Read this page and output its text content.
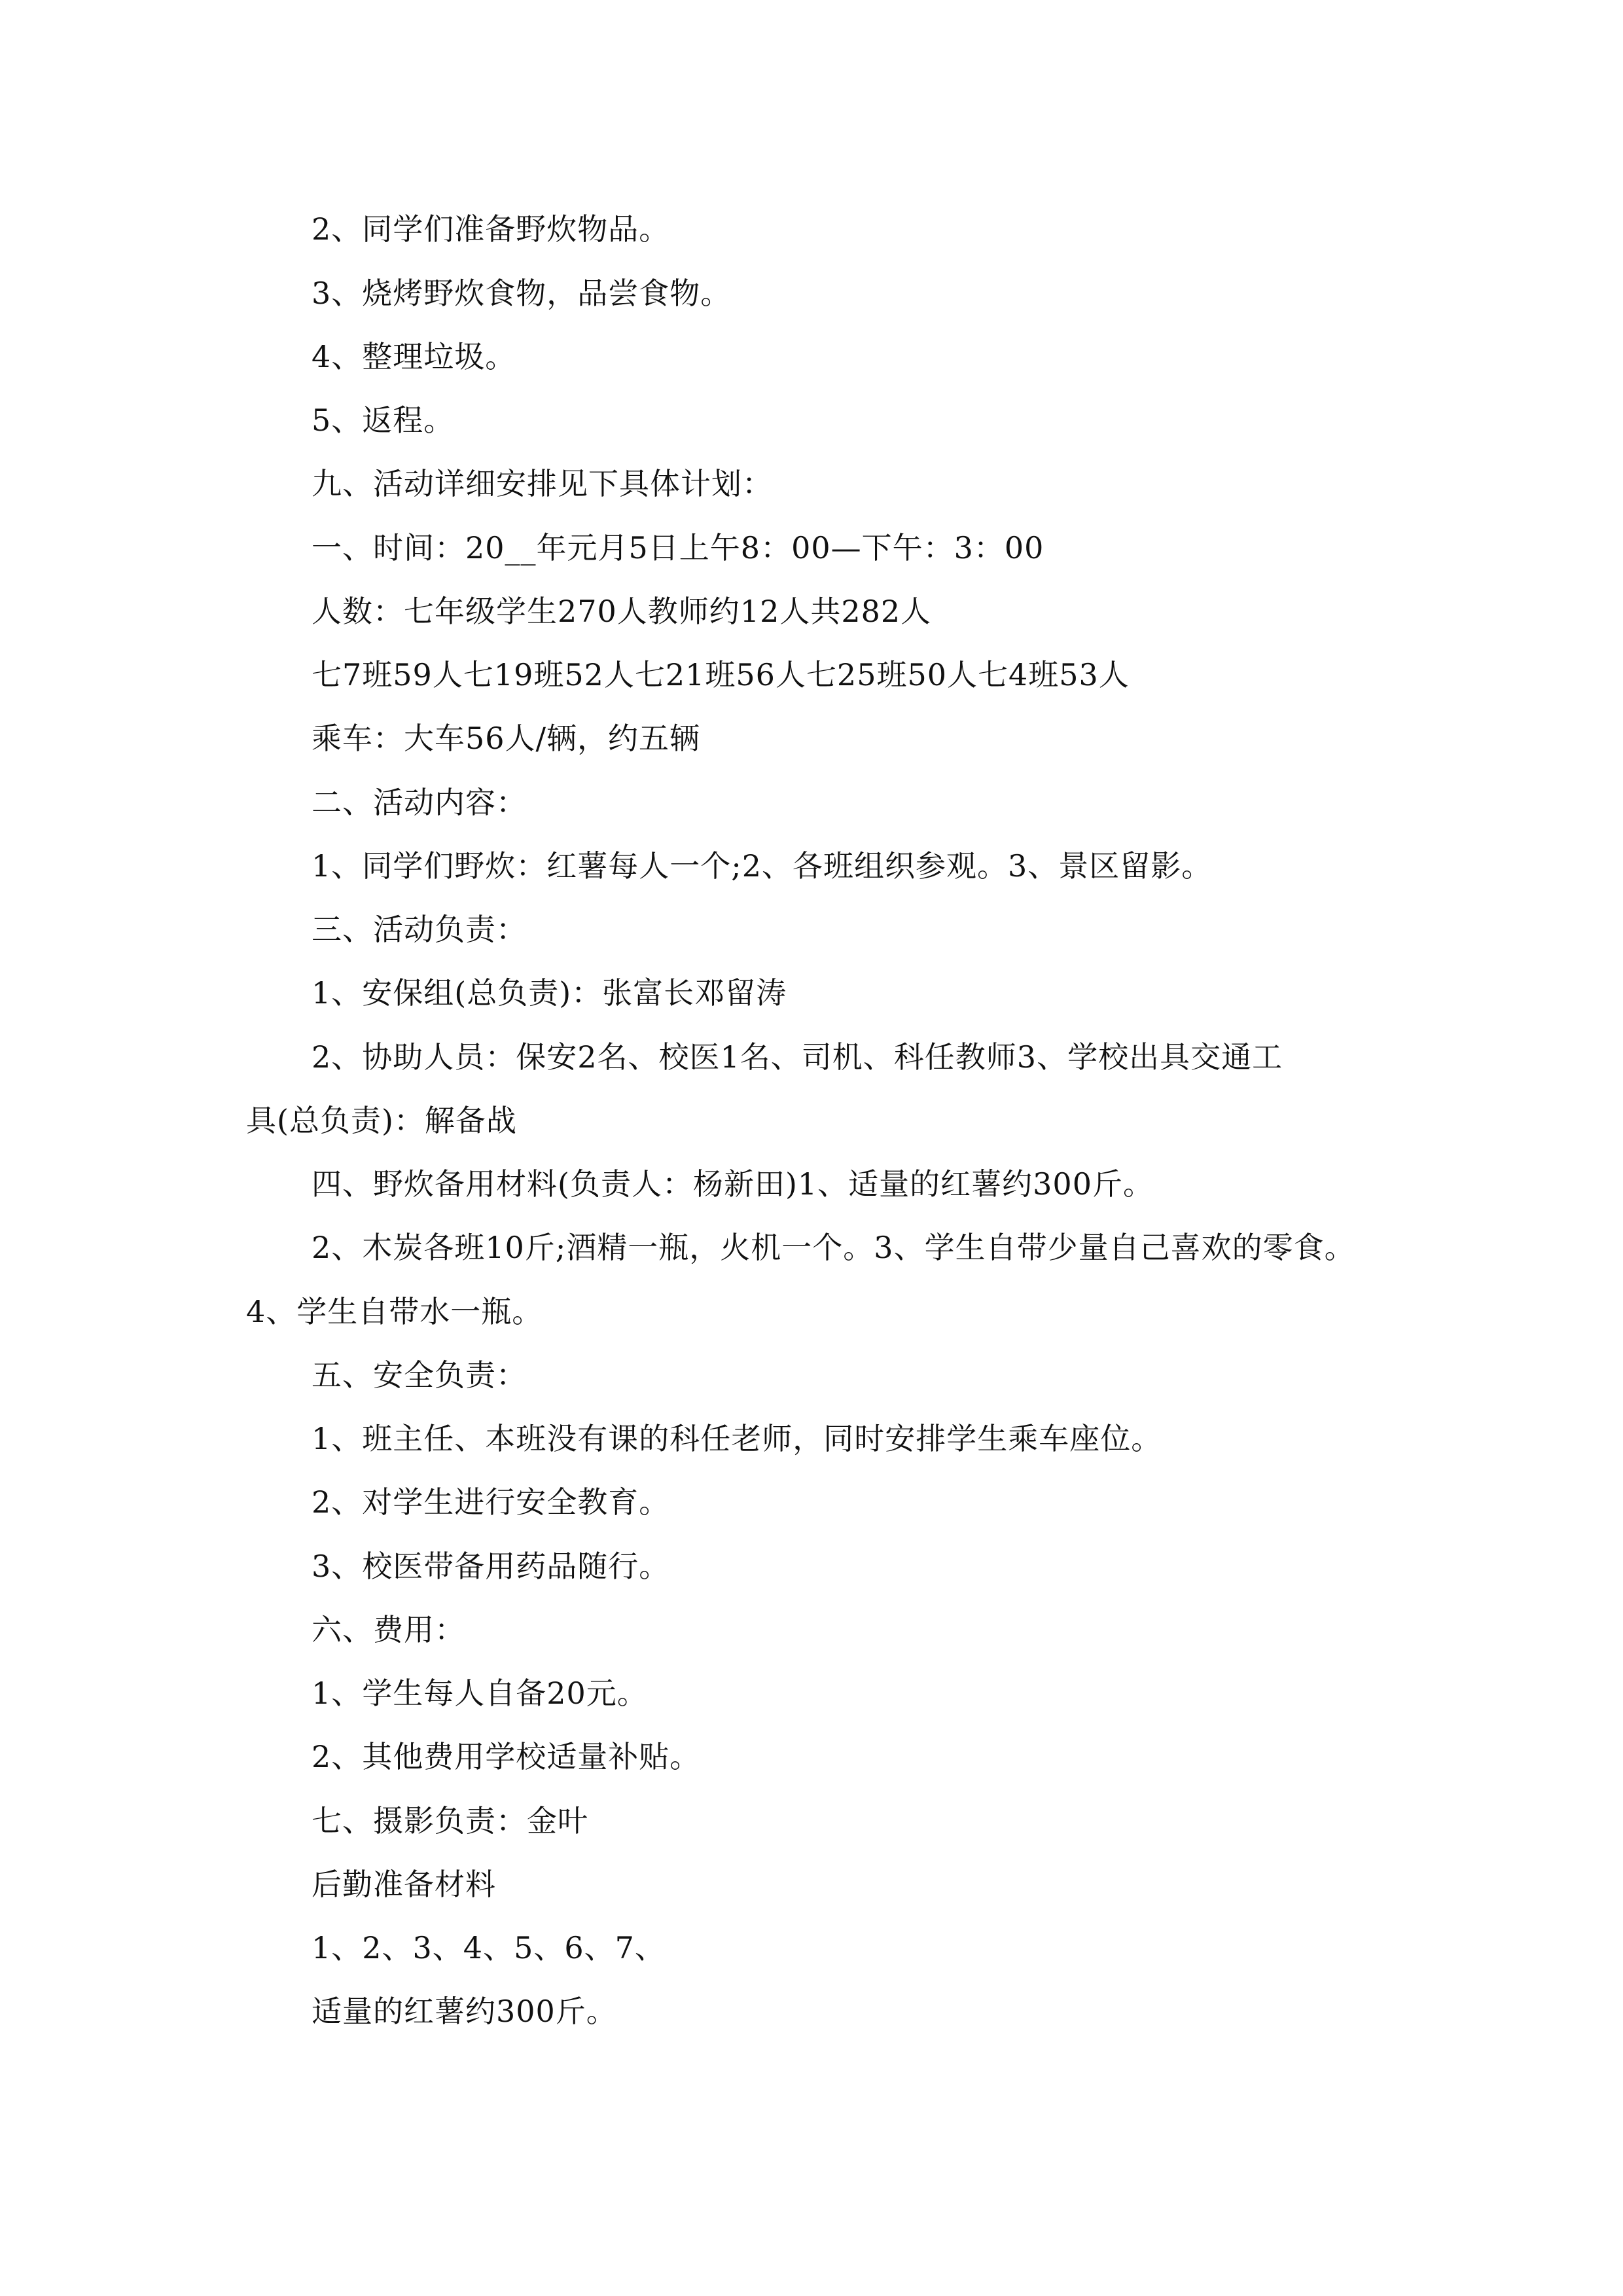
2、同学们准备野炊物品。
3、烧烤野炊食物，品尝食物。
4、整理垃圾。
5、返程。
九、活动详细安排见下具体计划：
一、时间：20__年元月5日上午8：00—下午：3：00
人数：七年级学生270人教师约12人共282人
七7班59人七19班52人七21班56人七25班50人七4班53人
乘车：大车56人/辆，约五辆
二、活动内容：
1、同学们野炊：红薯每人一个;2、各班组织参观。3、景区留影。
三、活动负责：
1、安保组(总负责)：张富长邓留涛
2、协助人员：保安2名、校医1名、司机、科任教师3、学校出具交通工
具(总负责)：解备战
四、野炊备用材料(负责人：杨新田)1、适量的红薯约300斤。
2、木炭各班10斤;酒精一瓶，火机一个。3、学生自带少量自己喜欢的零食。
4、学生自带水一瓶。
五、安全负责：
1、班主任、本班没有课的科任老师，同时安排学生乘车座位。
2、对学生进行安全教育。
3、校医带备用药品随行。
六、费用：
1、学生每人自备20元。
2、其他费用学校适量补贴。
七、摄影负责：金叶
后勤准备材料
1、2、3、4、5、6、7、
适量的红薯约300斤。
